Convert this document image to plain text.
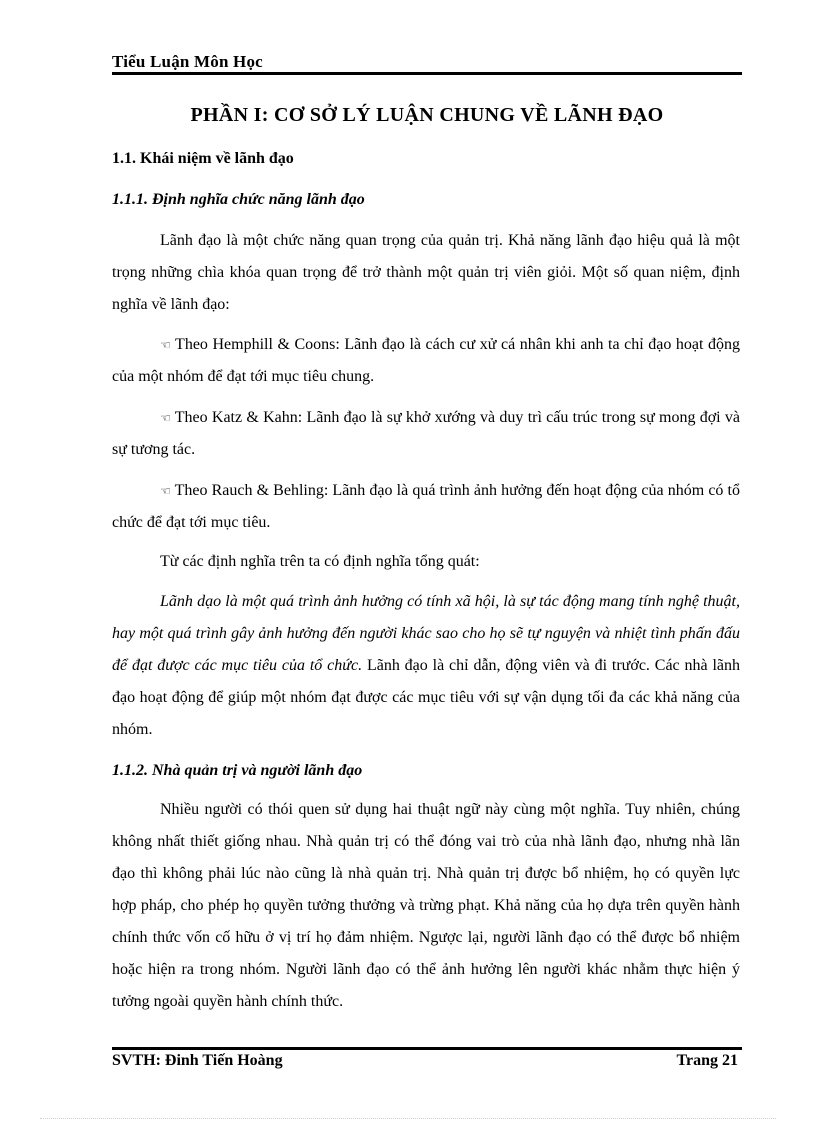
Tiểu Luận Môn Học
PHẦN I: CƠ SỞ LÝ LUẬN CHUNG VỀ LÃNH ĐẠO
1.1. Khái niệm về lãnh đạo
1.1.1. Định nghĩa chức năng lãnh đạo

Lãnh đạo là một chức năng quan trọng của quản trị. Khả năng lãnh đạo hiệu quả là một trọng những chìa khóa quan trọng để trở thành một quản trị viên giỏi. Một số quan niệm, định nghĩa về lãnh đạo:

☜ Theo Hemphill & Coons: Lãnh đạo là cách cư xử cá nhân khi anh ta chỉ đạo hoạt động của một nhóm để đạt tới mục tiêu chung.

☜ Theo Katz & Kahn: Lãnh đạo là sự khở xướng và duy trì cấu trúc trong sự mong đợi và sự tương tác.

☜ Theo Rauch & Behling: Lãnh đạo là quá trình ảnh hưởng đến hoạt động của nhóm có tổ chức để đạt tới mục tiêu.

Từ các định nghĩa trên ta có định nghĩa tổng quát:

Lãnh dạo là một quá trình ảnh hưởng có tính xã hội, là sự tác động mang tính nghệ thuật, hay một quá trình gây ảnh hưởng đến người khác sao cho họ sẽ tự nguyện và nhiệt tình phấn đấu để đạt được các mục tiêu của tổ chức. Lãnh đạo là chỉ dẫn, động viên và đi trước. Các nhà lãnh đạo hoạt động để giúp một nhóm đạt được các mục tiêu với sự vận dụng tối đa các khả năng của nhóm.

1.1.2. Nhà quản trị và người lãnh đạo

Nhiều người có thói quen sử dụng hai thuật ngữ này cùng một nghĩa. Tuy nhiên, chúng không nhất thiết giống nhau. Nhà quản trị có thể đóng vai trò của nhà lãnh đạo, nhưng nhà lãn đạo thì không phải lúc nào cũng là nhà quản trị. Nhà quản trị được bổ nhiệm, họ có quyền lực hợp pháp, cho phép họ quyền tưởng thưởng và trừng phạt. Khả năng của họ dựa trên quyền hành chính thức vốn cố hữu ở vị trí họ đảm nhiệm. Ngược lại, người lãnh đạo có thể được bổ nhiệm hoặc hiện ra trong nhóm. Người lãnh đạo có thể ảnh hưởng lên người khác nhằm thực hiện ý tưởng ngoài quyền hành chính thức.

SVTH: Đinh Tiến Hoàng	Trang 21
